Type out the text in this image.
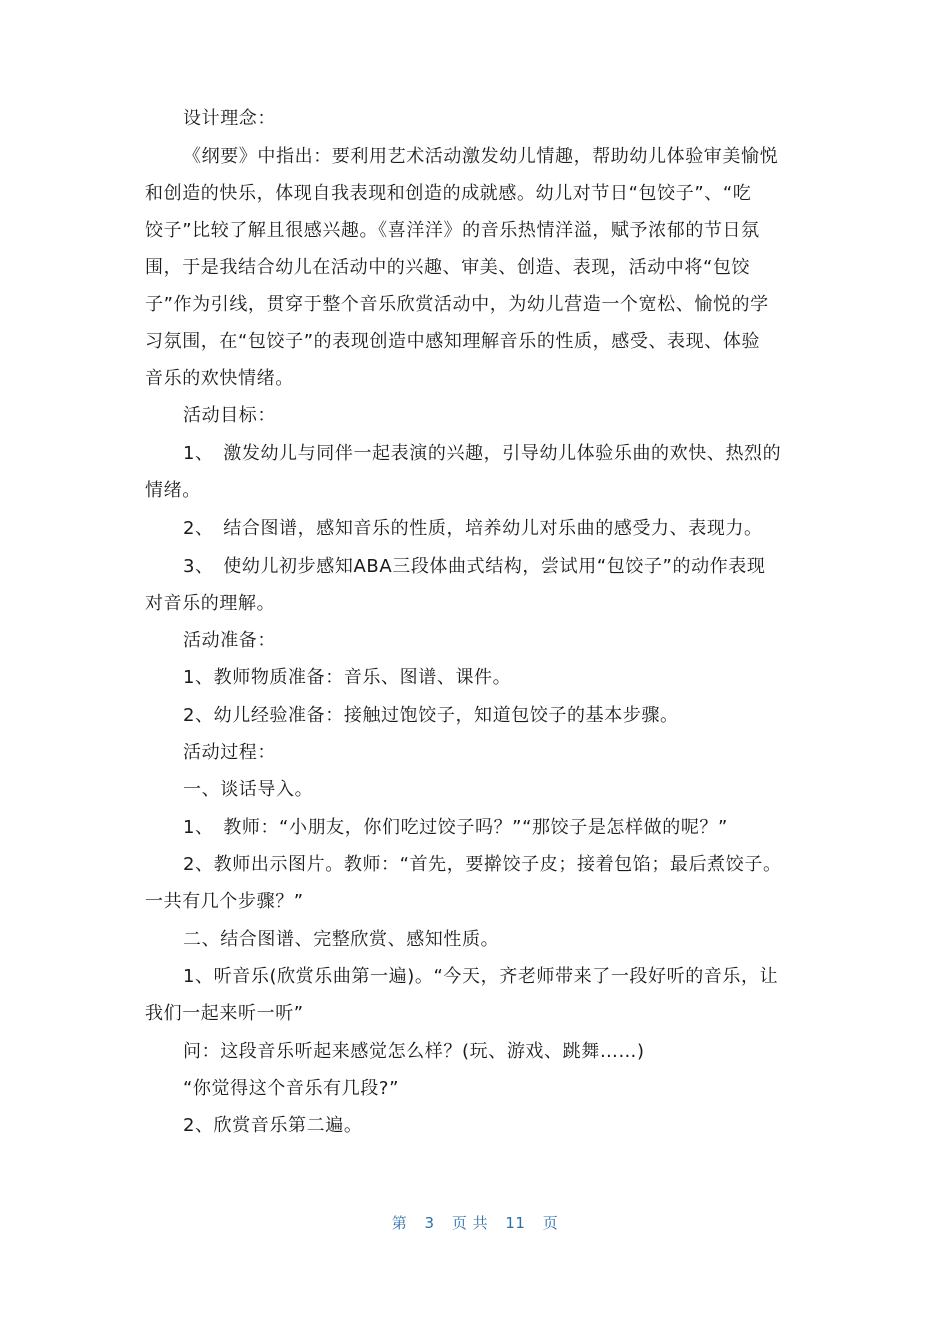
设计理念：
《纲要》中指出：要利用艺术活动激发幼儿情趣，帮助幼儿体验审美愉悦
和创造的快乐，体现自我表现和创造的成就感。幼儿对节日“包饺子”、“吃
饺子”比较了解且很感兴趣。《喜洋洋》的音乐热情洋溢，赋予浓郁的节日氛
围，于是我结合幼儿在活动中的兴趣、审美、创造、表现，活动中将“包饺
子”作为引线，贯穿于整个音乐欣赏活动中，为幼儿营造一个宽松、愉悦的学
习氛围，在“包饺子”的表现创造中感知理解音乐的性质，感受、表现、体验
音乐的欢快情绪。
活动目标：
1、　激发幼儿与同伴一起表演的兴趣，引导幼儿体验乐曲的欢快、热烈的
情绪。
2、　结合图谱，感知音乐的性质，培养幼儿对乐曲的感受力、表现力。
3、　使幼儿初步感知ABA三段体曲式结构，尝试用“包饺子”的动作表现
对音乐的理解。
活动准备：
1、教师物质准备：音乐、图谱、课件。
2、幼儿经验准备：接触过饱饺子，知道包饺子的基本步骤。
活动过程：
一、谈话导入。
1、　教师：“小朋友，你们吃过饺子吗？”“那饺子是怎样做的呢？”
2、教师出示图片。教师：“首先，要擀饺子皮；接着包馅；最后煮饺子。
一共有几个步骤？”
二、结合图谱、完整欣赏、感知性质。
1、听音乐(欣赏乐曲第一遍)。“今天，齐老师带来了一段好听的音乐，让
我们一起来听一听”
问：这段音乐听起来感觉怎么样？(玩、游戏、跳舞……)
“你觉得这个音乐有几段?”
2、欣赏音乐第二遍。
第 3 页 共 11 页
